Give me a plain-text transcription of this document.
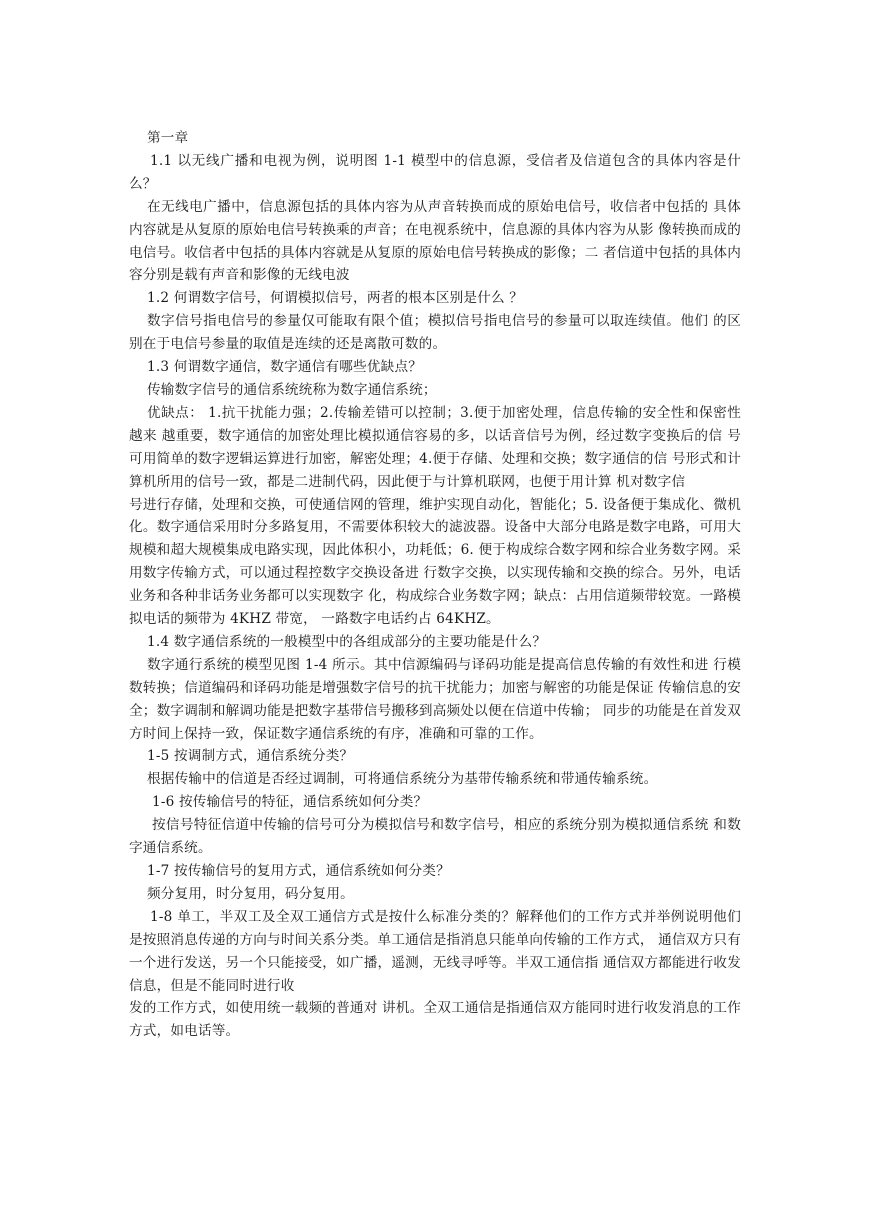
第一章

1.1 以无线广播和电视为例，说明图 1-1 模型中的信息源，受信者及信道包含的具体内容是什么？

在无线电广播中，信息源包括的具体内容为从声音转换而成的原始电信号，收信者中包括的 具体内容就是从复原的原始电信号转换乘的声音；在电视系统中，信息源的具体内容为从影 像转换而成的电信号。收信者中包括的具体内容就是从复原的原始电信号转换成的影像；二 者信道中包括的具体内容分别是载有声音和影像的无线电波

1.2 何谓数字信号，何谓模拟信号，两者的根本区别是什么 ？

数字信号指电信号的参量仅可能取有限个值；模拟信号指电信号的参量可以取连续值。他们 的区别在于电信号参量的取值是连续的还是离散可数的。

1.3 何谓数字通信，数字通信有哪些优缺点？

传输数字信号的通信系统统称为数字通信系统；

优缺点： 1.抗干扰能力强；2.传输差错可以控制；3.便于加密处理，信息传输的安全性和保密性越来 越重要，数字通信的加密处理比模拟通信容易的多，以话音信号为例，经过数字变换后的信 号可用简单的数字逻辑运算进行加密，解密处理；4.便于存储、处理和交换；数字通信的信 号形式和计算机所用的信号一致，都是二进制代码，因此便于与计算机联网，也便于用计算 机对数字信

号进行存储，处理和交换，可使通信网的管理，维护实现自动化，智能化；5. 设备便于集成化、微机化。数字通信采用时分多路复用，不需要体积较大的滤波器。设备中大部分电路是数字电路，可用大规模和超大规模集成电路实现，因此体积小，功耗低；6. 便于构成综合数字网和综合业务数字网。采用数字传输方式，可以通过程控数字交换设备进 行数字交换，以实现传输和交换的综合。另外，电话业务和各种非话务业务都可以实现数字 化，构成综合业务数字网；缺点：占用信道频带较宽。一路模拟电话的频带为 4KHZ 带宽， 一路数字电话约占 64KHZ。

1.4 数字通信系统的一般模型中的各组成部分的主要功能是什么？

数字通行系统的模型见图 1-4 所示。其中信源编码与译码功能是提高信息传输的有效性和进 行模数转换；信道编码和译码功能是增强数字信号的抗干扰能力；加密与解密的功能是保证 传输信息的安全；数字调制和解调功能是把数字基带信号搬移到高频处以便在信道中传输； 同步的功能是在首发双方时间上保持一致，保证数字通信系统的有序，准确和可靠的工作。

1-5 按调制方式，通信系统分类？

根据传输中的信道是否经过调制，可将通信系统分为基带传输系统和带通传输系统。

1-6 按传输信号的特征，通信系统如何分类？

按信号特征信道中传输的信号可分为模拟信号和数字信号，相应的系统分别为模拟通信系统 和数字通信系统。

1-7 按传输信号的复用方式，通信系统如何分类？

频分复用，时分复用，码分复用。

1-8 单工，半双工及全双工通信方式是按什么标准分类的？解释他们的工作方式并举例说明他们是按照消息传递的方向与时间关系分类。单工通信是指消息只能单向传输的工作方式， 通信双方只有一个进行发送，另一个只能接受，如广播，遥测，无线寻呼等。半双工通信指 通信双方都能进行收发信息，但是不能同时进行收

发的工作方式，如使用统一载频的普通对 讲机。全双工通信是指通信双方能同时进行收发消息的工作方式，如电话等。
